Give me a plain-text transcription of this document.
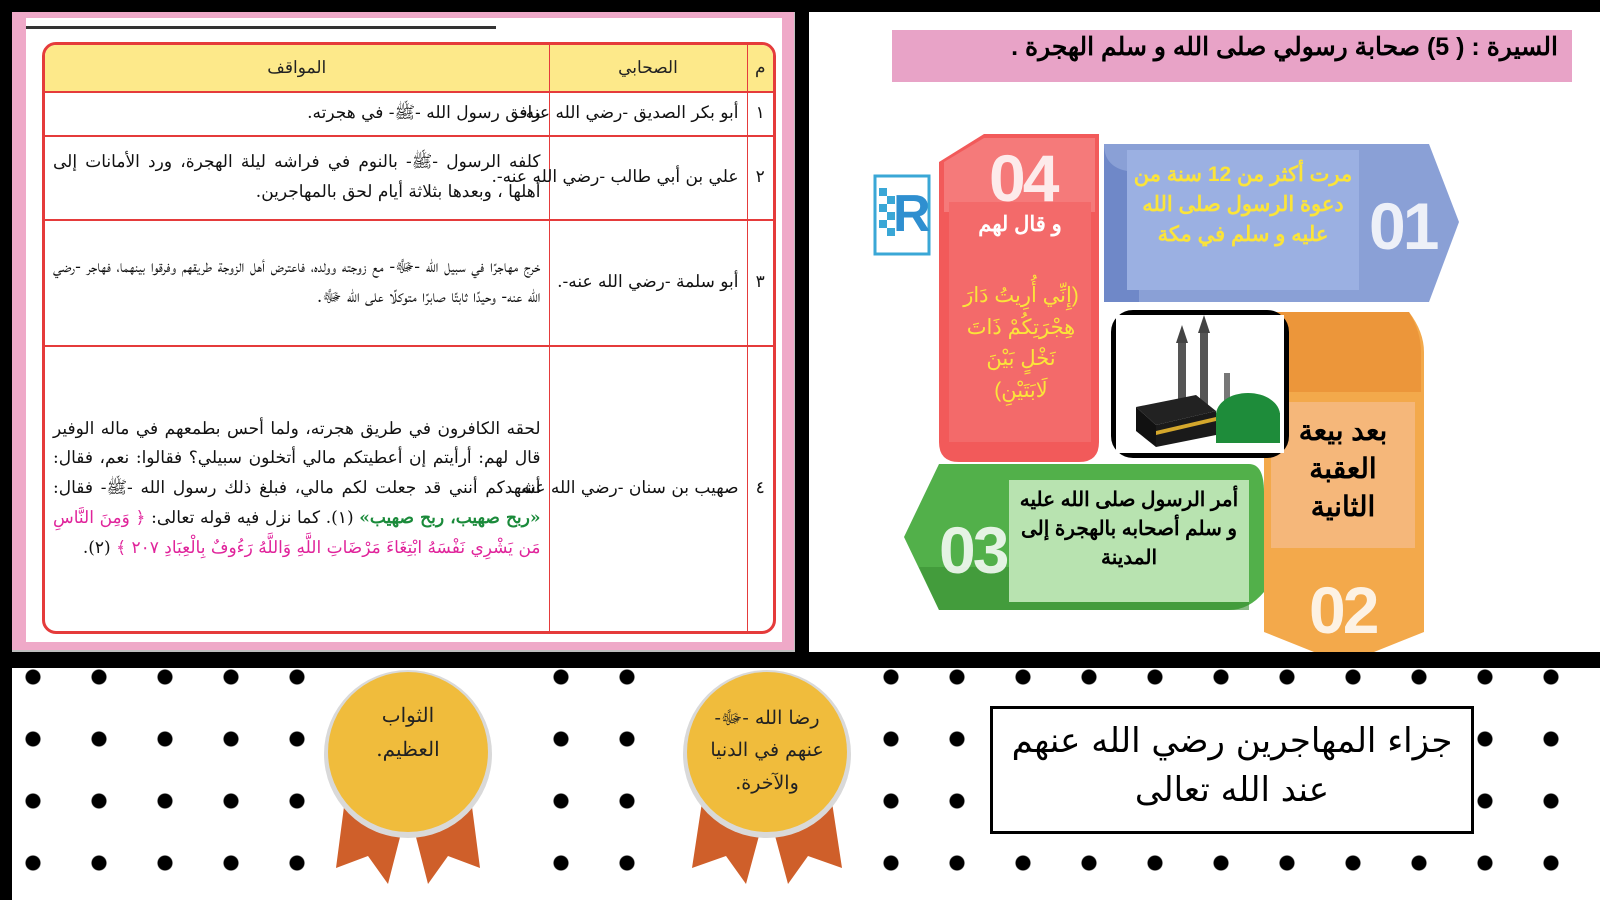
م	الصحابي	المواقف
١	أبو بكر الصديق -رضي الله عنه-.	رافق رسول الله -ﷺ- في هجرته.
٢	علي بن أبي طالب -رضي الله عنه-.	كلفه الرسول -ﷺ- بالنوم في فراشه ليلة الهجرة، ورد الأمانات إلى أهلها ، وبعدها بثلاثة أيام لحق بالمهاجرين.
٣	أبو سلمة -رضي الله عنه-.	خرج مهاجرًا في سبيل الله -ﷻ- مع زوجته وولده، فاعترض أهل الزوجة طريقهم وفرقوا بينهما، فهاجر -رضي الله عنه- وحيدًا ثابتًا صابرًا متوكلًا على الله ﷻ.
٤	صهيب بن سنان -رضي الله عنه-.	لحقه الكافرون في طريق هجرته، ولما أحس بطمعهم في ماله الوفير قال لهم: أرأيتم إن أعطيتكم مالي أتخلون سبيلي؟ فقالوا: نعم، فقال: أشهدكم أنني قد جعلت لكم مالي، فبلغ ذلك رسول الله -ﷺ- فقال: «ربح صهيب، ربح صهيب» (١). كما نزل فيه قوله تعالى: ﴿ وَمِنَ النَّاسِ مَن يَشْرِي نَفْسَهُ ابْتِغَاءَ مَرْضَاتِ اللَّهِ وَاللَّهُ رَءُوفٌ بِالْعِبَادِ ٢٠٧ ﴾ (٢).
السيرة : ( 5) صحابة رسولي صلى الله و سلم الهجرة .
R	01
02
03
04	مرت أكثر من 12 سنة من دعوة الرسول صلى الله عليه و سلم في مكة
بعد بيعة العقبة الثانية
أمر الرسول صلى الله عليه و سلم أصحابه بالهجرة إلى المدينة
و قال لهم
(إِنِّي أُرِيتُ دَارَ هِجْرَتِكُمْ ذَاتَ نَخْلٍ بَيْنَ لَابَتَيْنِ)
الثواب العظيم.
رضا الله -ﷻ- عنهم في الدنيا والآخرة.
جزاء المهاجرين رضي الله عنهم عند الله تعالى
